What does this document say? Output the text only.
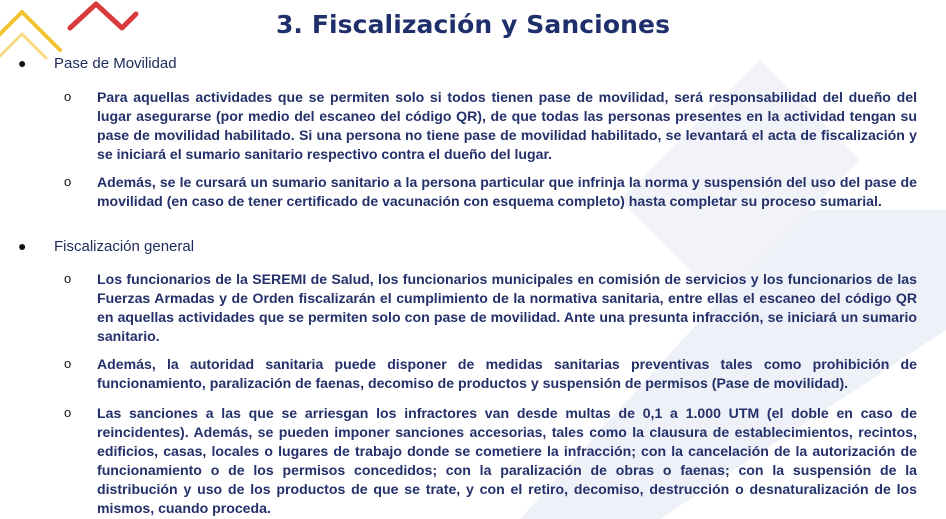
3. Fiscalización y Sanciones
●	Pase de Movilidad
o	Para aquellas actividades que se permiten solo si todos tienen pase de movilidad, será responsabilidad del dueño del lugar asegurarse (por medio del escaneo del código QR), de que todas las personas presentes en la actividad tengan su pase de movilidad habilitado. Si una persona no tiene pase de movilidad habilitado, se levantará el acta de fiscalización y se iniciará el sumario sanitario respectivo contra el dueño del lugar.
o	Además, se le cursará un sumario sanitario a la persona particular que infrinja la norma y suspensión del uso del pase de movilidad (en caso de tener certificado de vacunación con esquema completo) hasta completar su proceso sumarial.
●	Fiscalización general
o	Los funcionarios de la SEREMI de Salud, los funcionarios municipales en comisión de servicios y los funcionarios de las Fuerzas Armadas y de Orden fiscalizarán el cumplimiento de la normativa sanitaria, entre ellas el escaneo del código QR en aquellas actividades que se permiten solo con pase de movilidad. Ante una presunta infracción, se iniciará un sumario sanitario.
o	Además, la autoridad sanitaria puede disponer de medidas sanitarias preventivas tales como prohibición de funcionamiento, paralización de faenas, decomiso de productos y suspensión de permisos (Pase de movilidad).
o	Las sanciones a las que se arriesgan los infractores van desde multas de 0,1 a 1.000 UTM (el doble en caso de reincidentes). Además, se pueden imponer sanciones accesorias, tales como la clausura de establecimientos, recintos, edificios, casas, locales o lugares de trabajo donde se cometiere la infracción; con la cancelación de la autorización de funcionamiento o de los permisos concedidos; con la paralización de obras o faenas; con la suspensión de la distribución y uso de los productos de que se trate, y con el retiro, decomiso, destrucción o desnaturalización de los mismos, cuando proceda.
